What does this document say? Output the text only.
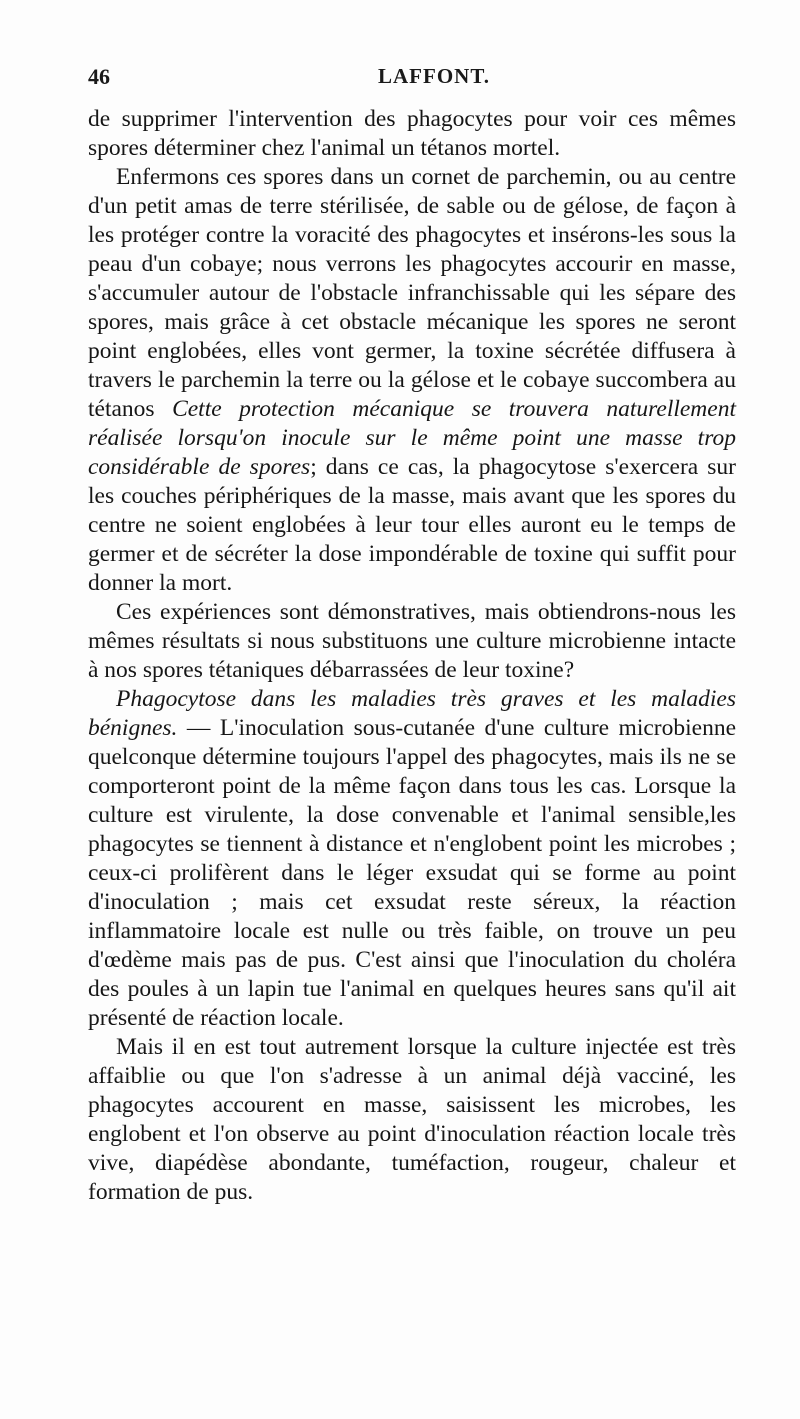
46	LAFFONT.

de supprimer l'intervention des phagocytes pour voir ces mêmes spores déterminer chez l'animal un tétanos mortel.

Enfermons ces spores dans un cornet de parchemin, ou au centre d'un petit amas de terre stérilisée, de sable ou de gélose, de façon à les protéger contre la voracité des phagocytes et insérons-les sous la peau d'un cobaye; nous verrons les phagocytes accourir en masse, s'accumuler autour de l'obstacle infranchissable qui les sépare des spores, mais grâce à cet obstacle mécanique les spores ne seront point englobées, elles vont germer, la toxine sécrétée diffusera à travers le parchemin la terre ou la gélose et le cobaye succombera au tétanos Cette protection mécanique se trouvera naturellement réalisée lorsqu'on inocule sur le même point une masse trop considérable de spores; dans ce cas, la phagocytose s'exercera sur les couches périphériques de la masse, mais avant que les spores du centre ne soient englobées à leur tour elles auront eu le temps de germer et de sécréter la dose impondérable de toxine qui suffit pour donner la mort.

Ces expériences sont démonstratives, mais obtiendrons-nous les mêmes résultats si nous substituons une culture microbienne intacte à nos spores tétaniques débarrassées de leur toxine?

Phagocytose dans les maladies très graves et les maladies bénignes. — L'inoculation sous-cutanée d'une culture microbienne quelconque détermine toujours l'appel des phagocytes, mais ils ne se comporteront point de la même façon dans tous les cas. Lorsque la culture est virulente, la dose convenable et l'animal sensible,les phagocytes se tiennent à distance et n'englobent point les microbes ; ceux-ci prolifèrent dans le léger exsudat qui se forme au point d'inoculation ; mais cet exsudat reste séreux, la réaction inflammatoire locale est nulle ou très faible, on trouve un peu d'œdème mais pas de pus. C'est ainsi que l'inoculation du choléra des poules à un lapin tue l'animal en quelques heures sans qu'il ait présenté de réaction locale.

Mais il en est tout autrement lorsque la culture injectée est très affaiblie ou que l'on s'adresse à un animal déjà vacciné, les phagocytes accourent en masse, saisissent les microbes, les englobent et l'on observe au point d'inoculation réaction locale très vive, diapédèse abondante, tuméfaction, rougeur, chaleur et formation de pus.
